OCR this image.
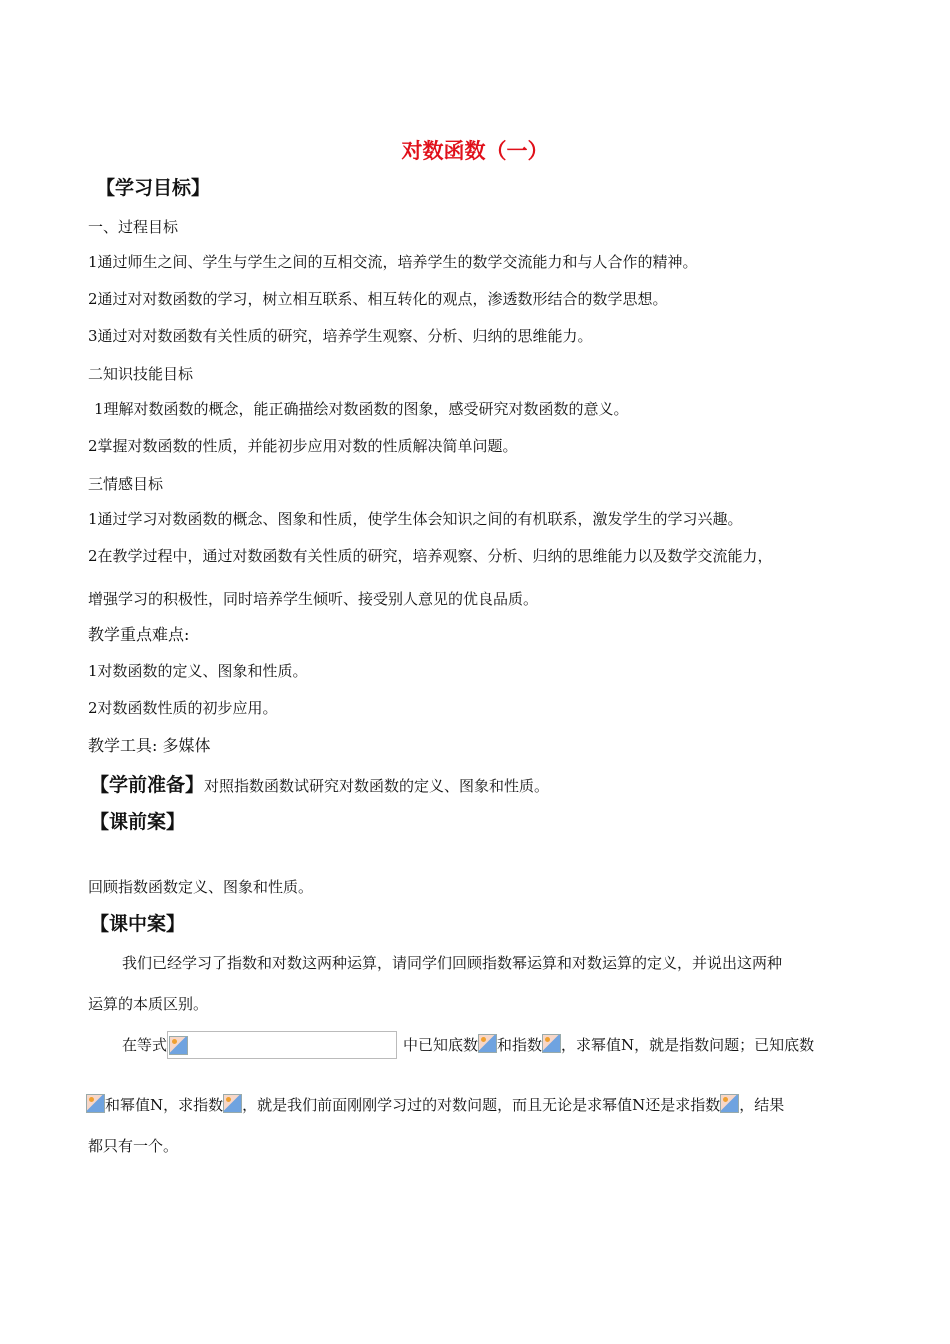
对数函数（一）
【学习目标】
一、过程目标
1通过师生之间、学生与学生之间的互相交流，培养学生的数学交流能力和与人合作的精神。
2通过对对数函数的学习，树立相互联系、相互转化的观点，渗透数形结合的数学思想。
3通过对对数函数有关性质的研究，培养学生观察、分析、归纳的思维能力。
二知识技能目标
1理解对数函数的概念，能正确描绘对数函数的图象，感受研究对数函数的意义。
2掌握对数函数的性质，并能初步应用对数的性质解决简单问题。
三情感目标
1通过学习对数函数的概念、图象和性质，使学生体会知识之间的有机联系，激发学生的学习兴趣。
2在教学过程中，通过对数函数有关性质的研究，培养观察、分析、归纳的思维能力以及数学交流能力，
增强学习的积极性，同时培养学生倾听、接受别人意见的优良品质。
教学重点难点:
1对数函数的定义、图象和性质。
2对数函数性质的初步应用。
教学工具: 多媒体
【学前准备】对照指数函数试研究对数函数的定义、图象和性质。
【课前案】
回顾指数函数定义、图象和性质。
【课中案】
我们已经学习了指数和对数这两种运算，请同学们回顾指数幂运算和对数运算的定义，并说出这两种
运算的本质区别。
在等式	中已知底数 和指数 ，求幂值N，就是指数问题；已知底数
和幂值N，求指数 ，就是我们前面刚刚学习过的对数问题，而且无论是求幂值N还是求指数 ，结果
都只有一个。
